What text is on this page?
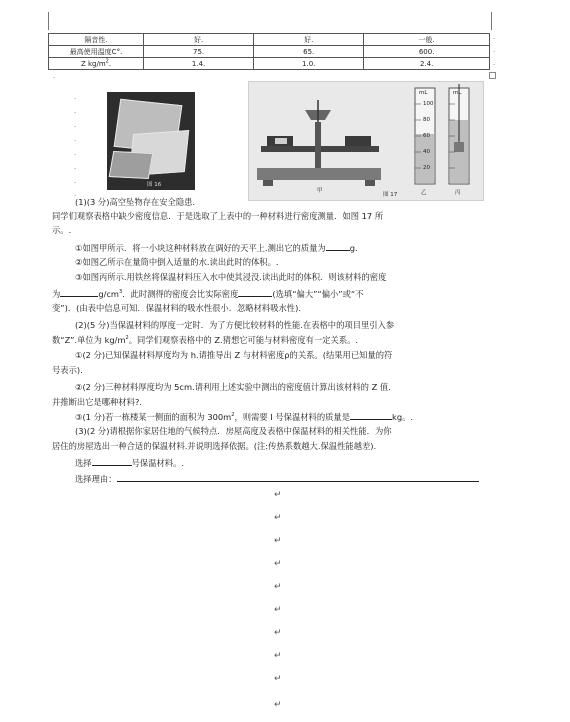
.
隔音性.	好.	好.	一般.
最高使用温度C°.	75.	65.	600.
Z $kg/m^2$.	1.4.	1.0.	2.4.
.
.
.
.
.
.
.
.
.
.
.
图 16
mL	mL
100
80
60
40
20
甲
图 17	乙	丙
(1)(3 分)高空坠物存在安全隐患.
同学们观察表格中缺少密度信息．于是选取了上表中的一种材料进行密度测量．如图 17 所
示。.
①如图甲所示．将一小块这种材料放在调好的天平上.测出它的质量为	g.
②如图乙所示在量筒中倒入适量的水.读出此时的体积。.
③如图丙所示.用铁丝将保温材料压入水中使其浸没.读出此时的体积．则该材料的密度
为	$g/cm^3$．此时测得的密度会比实际密度	(选填“偏大”“偏小”或“不
变”)．(由表中信息可知．保温材料的吸水性很小．忽略材料吸水性).
(2)(5 分)当保温材料的厚度一定时．为了方便比较材料的性能.在表格中的项目里引入参
数“Z”.单位为 $kg/m^2$。同学们观察表格中的 Z.猜想它可能与材料密度有一定关系。.
①(2 分)已知保温材料厚度均为 h.请推导出 Z 与材料密度ρ的关系。(结果用已知量的符
号表示).
②(2 分)三种材料厚度均为 5cm.请利用上述实验中测出的密度值计算出该材料的 Z 值．
并推断出它是哪种材料?.
③(1 分)若一栋楼某一侧面的面积为 $300m^2$，则需要 I 号保温材料的质量是	kg。.
(3)(2 分)请根据你家居住地的气候特点．房屋高度及表格中保温材料的相关性能．为你
居住的房屋选出一种合适的保温材料.并说明选择依据。(注:传热系数越大.保温性能越差).
选择	号保温材料。.
选择理由：
↵
↵
↵
↵
↵
↵
↵
↵
↵
↵
